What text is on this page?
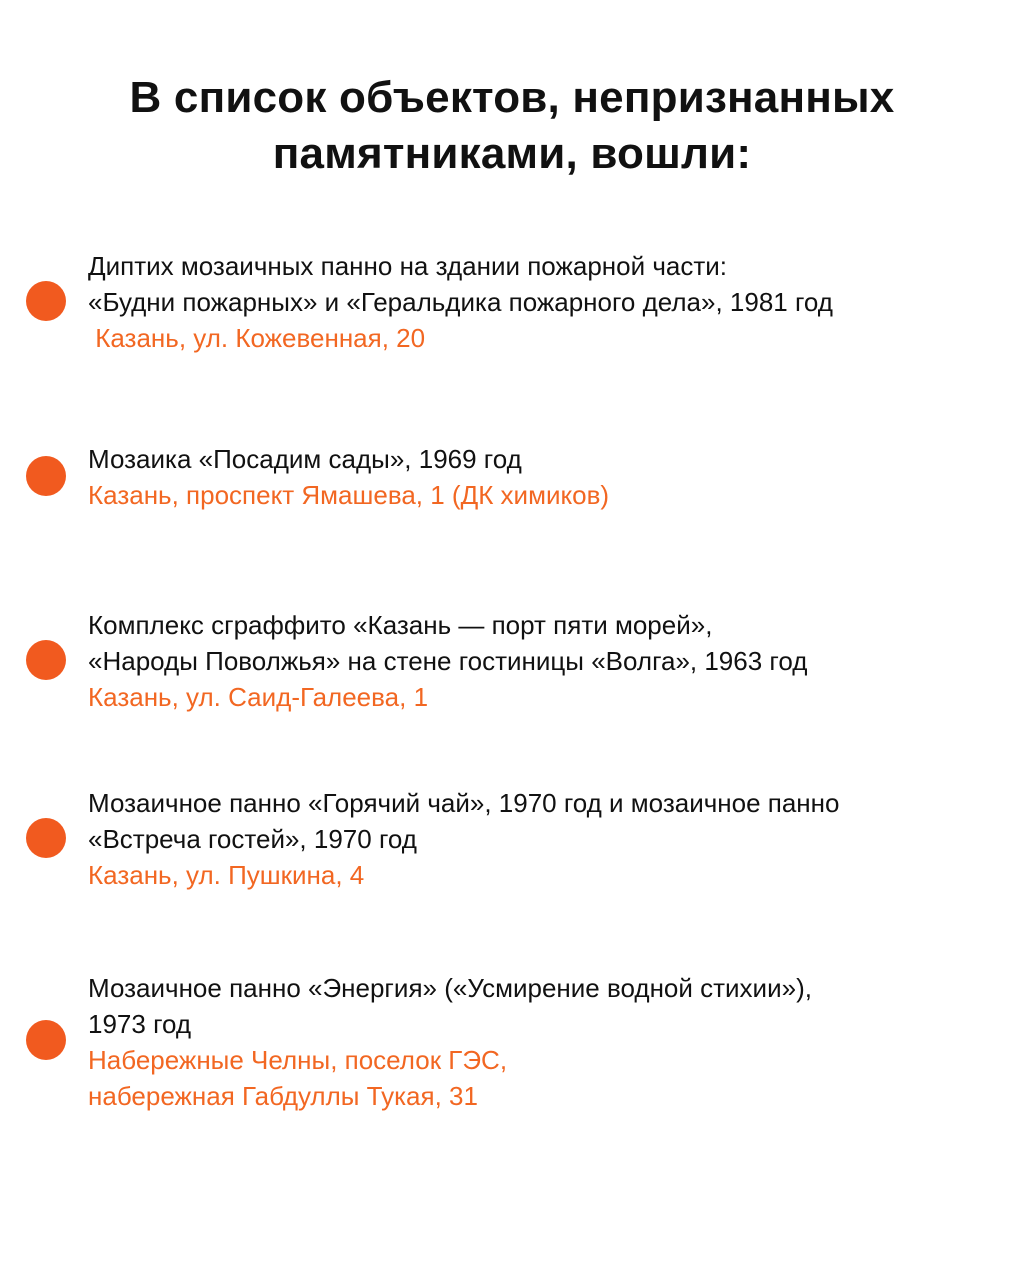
В список объектов, непризнанных
памятниками, вошли:
Диптих мозаичных панно на здании пожарной части:
«Будни пожарных» и «Геральдика пожарного дела», 1981 год
Казань, ул. Кожевенная, 20
Мозаика «Посадим сады», 1969 год
Казань, проспект Ямашева, 1 (ДК химиков)
Комплекс сграффито «Казань — порт пяти морей»,
«Народы Поволжья» на стене гостиницы «Волга», 1963 год
Казань, ул. Саид-Галеева, 1
Мозаичное панно «Горячий чай», 1970 год и мозаичное панно
«Встреча гостей», 1970 год
Казань, ул. Пушкина, 4
Мозаичное панно «Энергия» («Усмирение водной стихии»),
1973 год
Набережные Челны, поселок ГЭС,
набережная Габдуллы Тукая, 31
